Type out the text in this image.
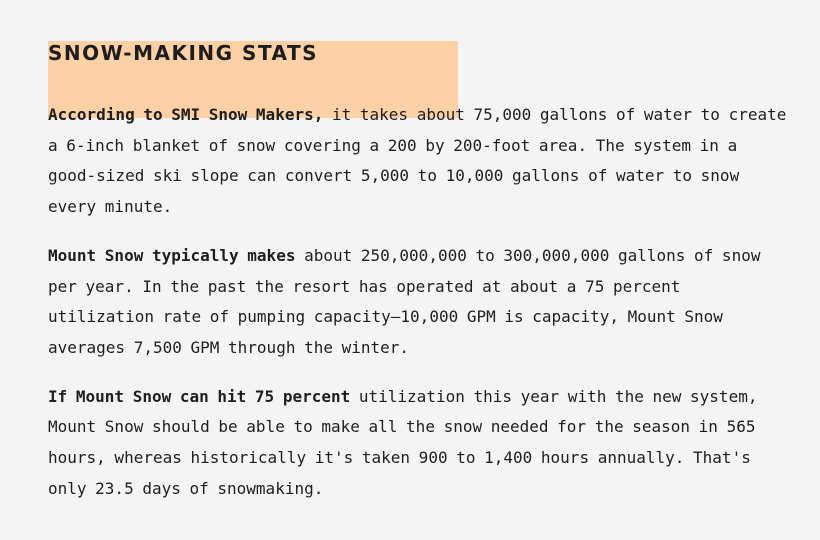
SNOW-MAKING STATS

According to SMI Snow Makers, it takes about 75,000 gallons of water to create a 6-inch blanket of snow covering a 200 by 200-foot area. The system in a good-sized ski slope can convert 5,000 to 10,000 gallons of water to snow every minute.

Mount Snow typically makes about 250,000,000 to 300,000,000 gallons of snow per year. In the past the resort has operated at about a 75 percent utilization rate of pumping capacity—10,000 GPM is capacity, Mount Snow averages 7,500 GPM through the winter.

If Mount Snow can hit 75 percent utilization this year with the new system, Mount Snow should be able to make all the snow needed for the season in 565 hours, whereas historically it's taken 900 to 1,400 hours annually. That's only 23.5 days of snowmaking.
